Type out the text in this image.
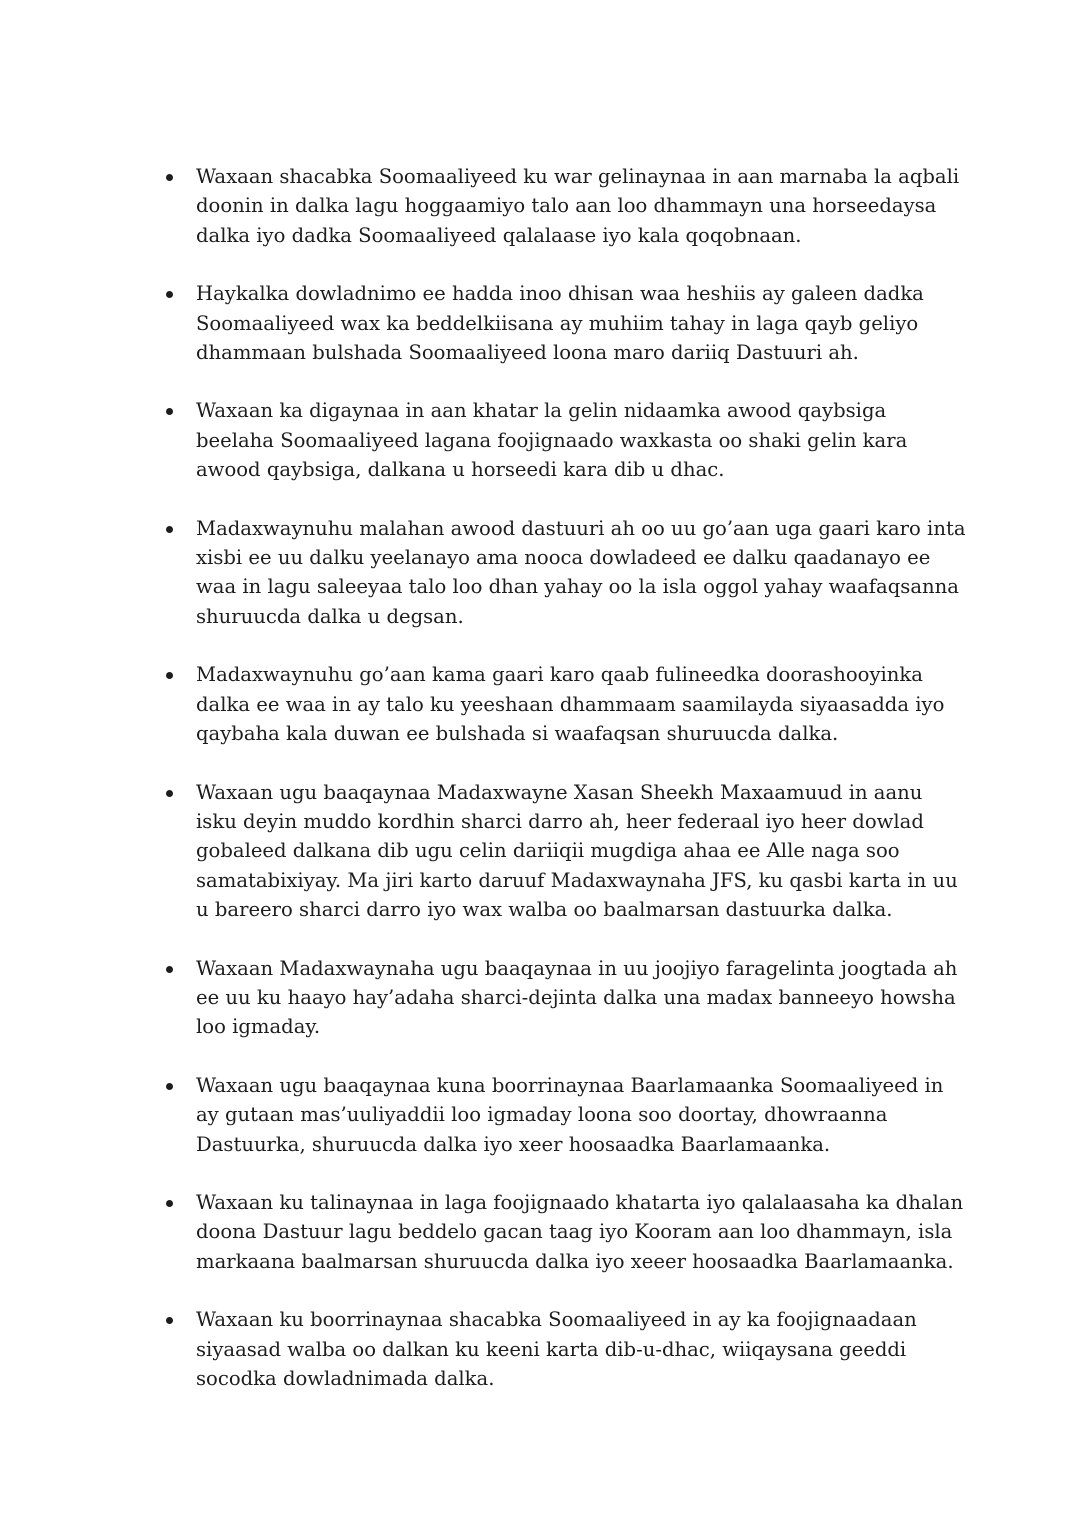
Waxaan shacabka Soomaaliyeed ku war gelinaynaa in aan marnaba la aqbali doonin in dalka lagu hoggaamiyo talo aan loo dhammayn una horseedaysa dalka iyo dadka Soomaaliyeed qalalaase iyo kala qoqobnaan.
Haykalka dowladnimo ee hadda inoo dhisan waa heshiis ay galeen dadka Soomaaliyeed wax ka beddelkiisana ay muhiim tahay in laga qayb geliyo dhammaan bulshada Soomaaliyeed loona maro dariiq Dastuuri ah.
Waxaan ka digaynaa in aan khatar la gelin nidaamka awood qaybsiga beelaha Soomaaliyeed lagana foojignaado waxkasta oo shaki gelin kara awood qaybsiga, dalkana u horseedi kara dib u dhac.
Madaxwaynuhu malahan awood dastuuri ah oo uu go’aan uga gaari karo inta xisbi ee uu dalku yeelanayo ama nooca dowladeed ee dalku qaadanayo ee waa in lagu saleeyaa talo loo dhan yahay oo la isla oggol yahay waafaqsanna shuruucda dalka u degsan.
Madaxwaynuhu go’aan kama gaari karo qaab fulineedka doorashooyinka dalka ee waa in ay talo ku yeeshaan dhammaam saamilayda siyaasadda iyo qaybaha kala duwan ee bulshada si waafaqsan shuruucda dalka.
Waxaan ugu baaqaynaa Madaxwayne Xasan Sheekh Maxaamuud in aanu isku deyin muddo kordhin sharci darro ah, heer federaal iyo heer dowlad gobaleed dalkana dib ugu celin dariiqii mugdiga ahaa ee Alle naga soo samatabixiyay. Ma jiri karto daruuf Madaxwaynaha JFS, ku qasbi karta in uu u bareero sharci darro iyo wax walba oo baalmarsan dastuurka dalka.
Waxaan Madaxwaynaha ugu baaqaynaa in uu joojiyo faragelinta joogtada ah ee uu ku haayo hay’adaha sharci-dejinta dalka una madax banneeyo howsha loo igmaday.
Waxaan ugu baaqaynaa kuna boorrinaynaa Baarlamaanka Soomaaliyeed in ay gutaan mas’uuliyaddii loo igmaday loona soo doortay, dhowraanna Dastuurka, shuruucda dalka iyo xeer hoosaadka Baarlamaanka.
Waxaan ku talinaynaa in laga foojignaado khatarta iyo qalalaasaha ka dhalan doona Dastuur lagu beddelo gacan taag iyo Kooram aan loo dhammayn, isla markaana baalmarsan shuruucda dalka iyo xeeer hoosaadka Baarlamaanka.
Waxaan ku boorrinaynaa shacabka Soomaaliyeed in ay ka foojignaadaan siyaasad walba oo dalkan ku keeni karta dib-u-dhac, wiiqaysana geeddi socodka dowladnimada dalka.
